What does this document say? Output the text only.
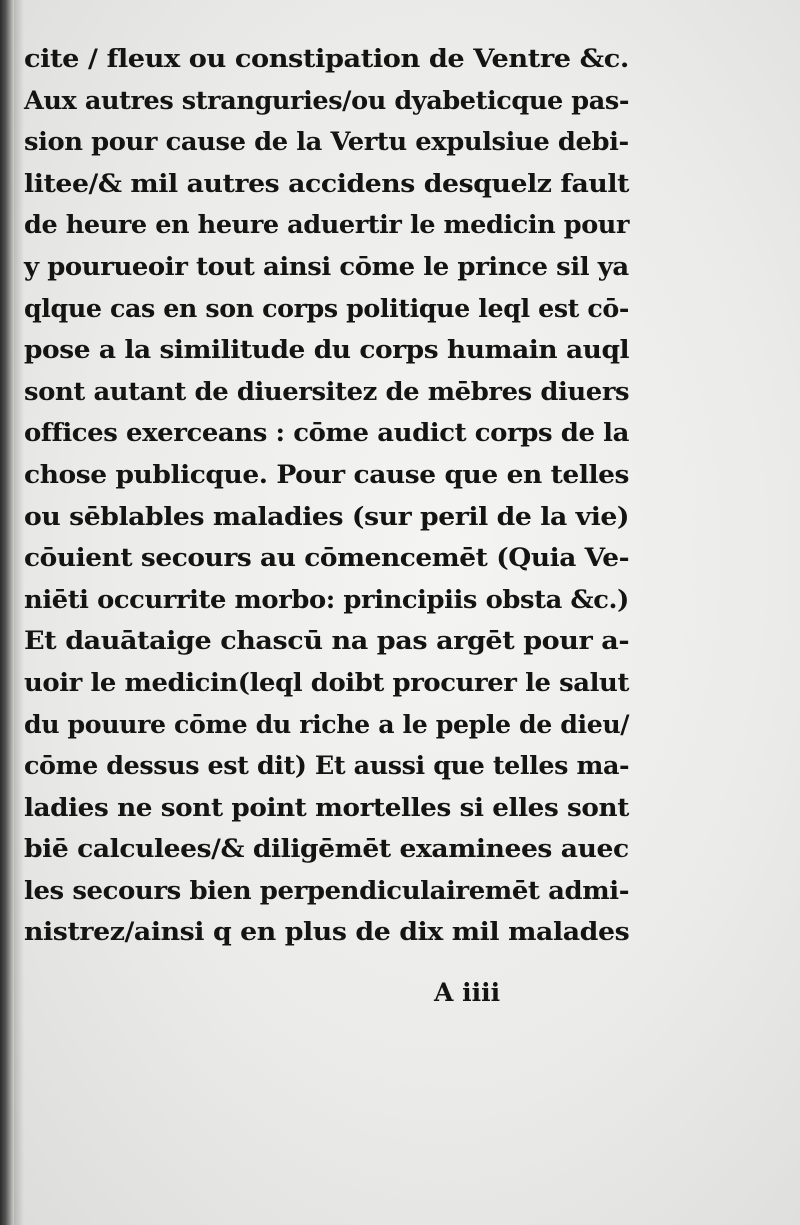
cite / fleux ou constipation de Ventre &c.
Aux autres stranguries/ou dyabeticque pas-
sion pour cause de la Vertu expulsiue debi-
litee/& mil autres accidens desquelz fault
de heure en heure aduertir le medicin pour
y pourueoir tout ainsi cōme le prince sil ya
qlque cas en son corps politique leql est cō-
pose a la similitude du corps humain auql
sont autant de diuersitez de mēbres diuers
offices exerceans : cōme audict corps de la
chose publicque. Pour cause que en telles
ou sēblables maladies (sur peril de la vie)
cōuient secours au cōmencemēt (Quia Ve-
niēti occurrite morbo: principiis obsta &c.)
Et dauātaige chascū na pas argēt pour a-
uoir le medicin(leql doibt procurer le salut
du pouure cōme du riche a le peple de dieu/
cōme dessus est dit) Et aussi que telles ma-
ladies ne sont point mortelles si elles sont
biē calculees/& diligēmēt examinees auec
les secours bien perpendiculairemēt admi-
nistrez/ainsi q en plus de dix mil malades
A iiii
